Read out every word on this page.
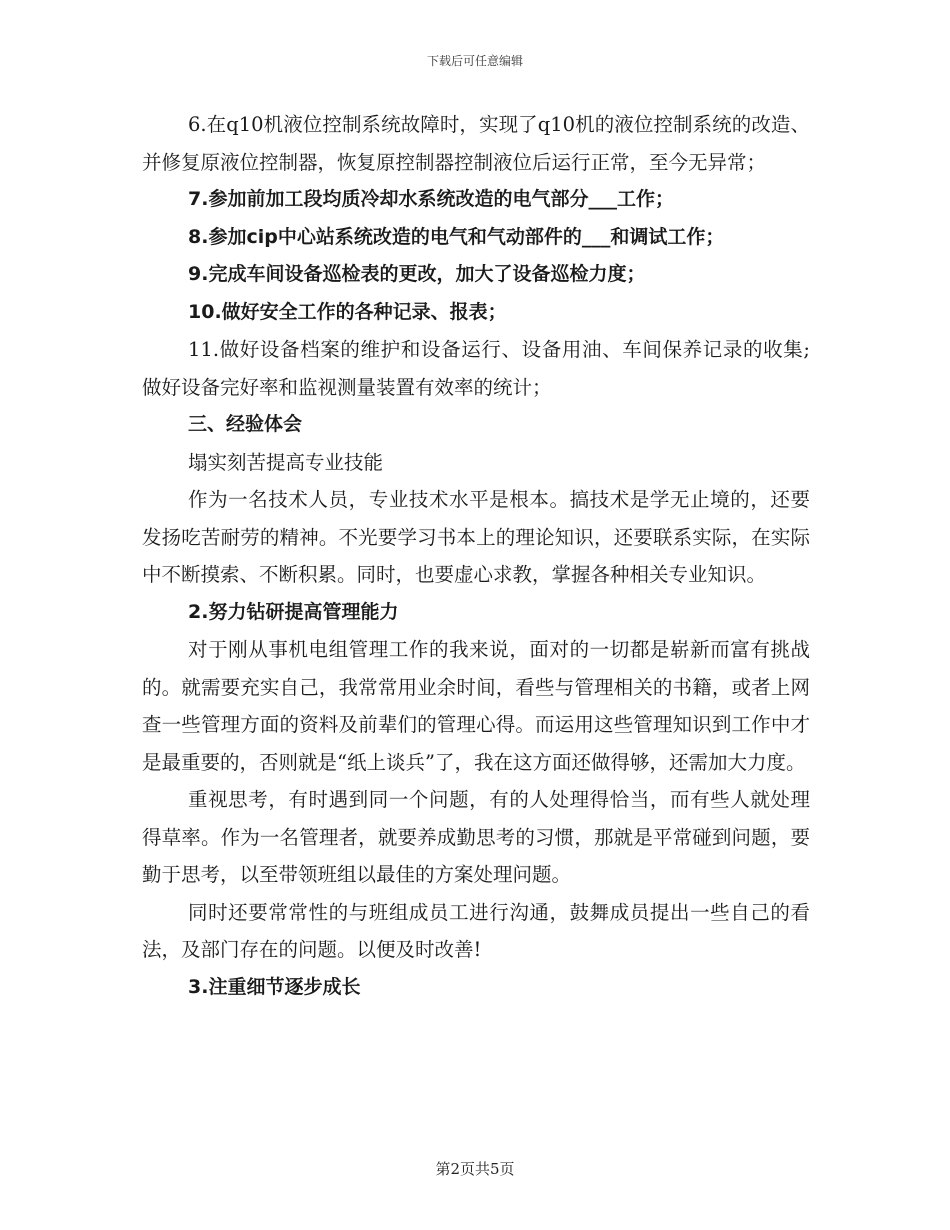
下载后可任意编辑

6.在q10机液位控制系统故障时，实现了q10机的液位控制系统的改造、并修复原液位控制器，恢复原控制器控制液位后运行正常，至今无异常；

7.参加前加工段均质冷却水系统改造的电气部分___工作；

8.参加cip中心站系统改造的电气和气动部件的___和调试工作；

9.完成车间设备巡检表的更改，加大了设备巡检力度；

10.做好安全工作的各种记录、报表；

11.做好设备档案的维护和设备运行、设备用油、车间保养记录的收集;做好设备完好率和监视测量装置有效率的统计；

三、经验体会

塌实刻苦提高专业技能

作为一名技术人员，专业技术水平是根本。搞技术是学无止境的，还要发扬吃苦耐劳的精神。不光要学习书本上的理论知识，还要联系实际，在实际中不断摸索、不断积累。同时，也要虚心求教，掌握各种相关专业知识。

2.努力钻研提高管理能力

对于刚从事机电组管理工作的我来说，面对的一切都是崭新而富有挑战的。就需要充实自己，我常常用业余时间，看些与管理相关的书籍，或者上网查一些管理方面的资料及前辈们的管理心得。而运用这些管理知识到工作中才是最重要的，否则就是“纸上谈兵”了，我在这方面还做得够，还需加大力度。

重视思考，有时遇到同一个问题，有的人处理得恰当，而有些人就处理得草率。作为一名管理者，就要养成勤思考的习惯，那就是平常碰到问题，要勤于思考，以至带领班组以最佳的方案处理问题。

同时还要常常性的与班组成员工进行沟通，鼓舞成员提出一些自己的看法，及部门存在的问题。以便及时改善!

3.注重细节逐步成长

第2页共5页
